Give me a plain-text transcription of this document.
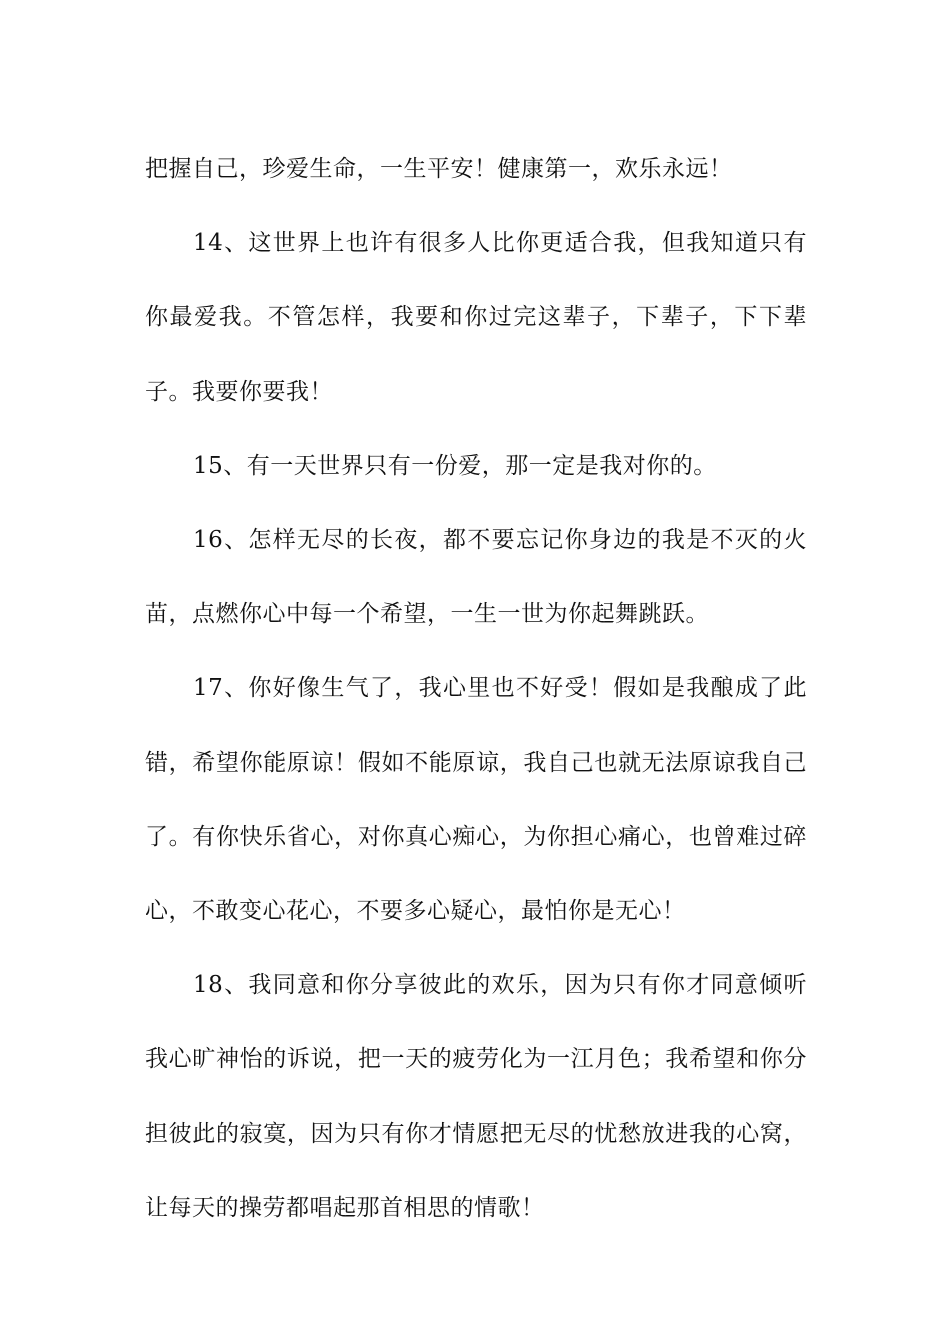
把握自己，珍爱生命，一生平安！健康第一，欢乐永远！

14、这世界上也许有很多人比你更适合我，但我知道只有你最爱我。不管怎样，我要和你过完这辈子，下辈子，下下辈子。我要你要我！

15、有一天世界只有一份爱，那一定是我对你的。

16、怎样无尽的长夜，都不要忘记你身边的我是不灭的火苗，点燃你心中每一个希望，一生一世为你起舞跳跃。

17、你好像生气了，我心里也不好受！假如是我酿成了此错，希望你能原谅！假如不能原谅，我自己也就无法原谅我自己了。有你快乐省心，对你真心痴心，为你担心痛心，也曾难过碎心，不敢变心花心，不要多心疑心，最怕你是无心！

18、我同意和你分享彼此的欢乐，因为只有你才同意倾听我心旷神怡的诉说，把一天的疲劳化为一江月色；我希望和你分担彼此的寂寞，因为只有你才情愿把无尽的忧愁放进我的心窝，让每天的操劳都唱起那首相思的情歌！
